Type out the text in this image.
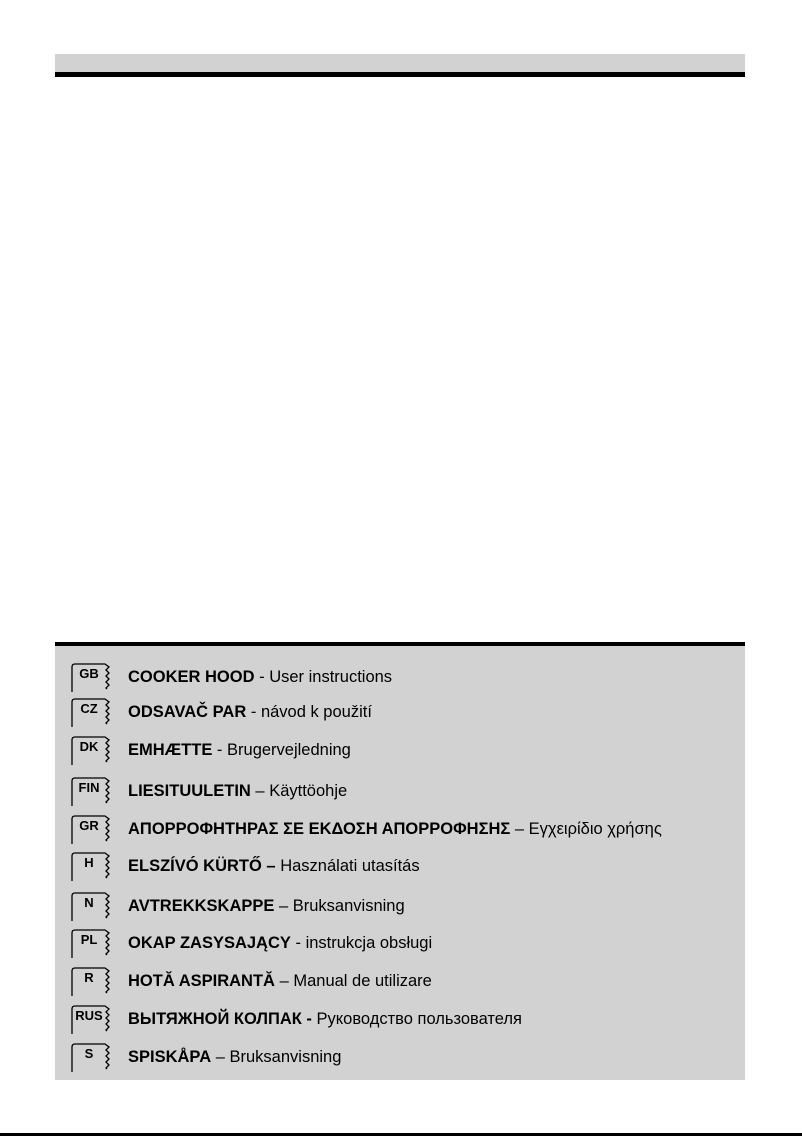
GB	COOKER HOOD - User instructions
CZ	ODSAVAČ PAR - návod k použití
DK	EMHÆTTE - Brugervejledning
FIN	LIESITUULETIN – Käyttöohje
GR	ΑΠΟΡΡΟΦΗΤΗΡΑΣ ΣΕ ΕΚΔΟΣΗ ΑΠΟΡΡΟΦΗΣΗΣ – Εγχειρίδιο χρήσης
H	ELSZÍVÓ KÜRTŐ – Használati utasítás
N	AVTREKKSKAPPE – Bruksanvisning
PL	OKAP ZASYSAJĄCY - instrukcja obsługi
R	HOTĂ ASPIRANTĂ – Manual de utilizare
RUS ВЫТЯЖНОЙ КОЛПАК - Руководство пользователя
S	SPISKÅPA – Bruksanvisning
